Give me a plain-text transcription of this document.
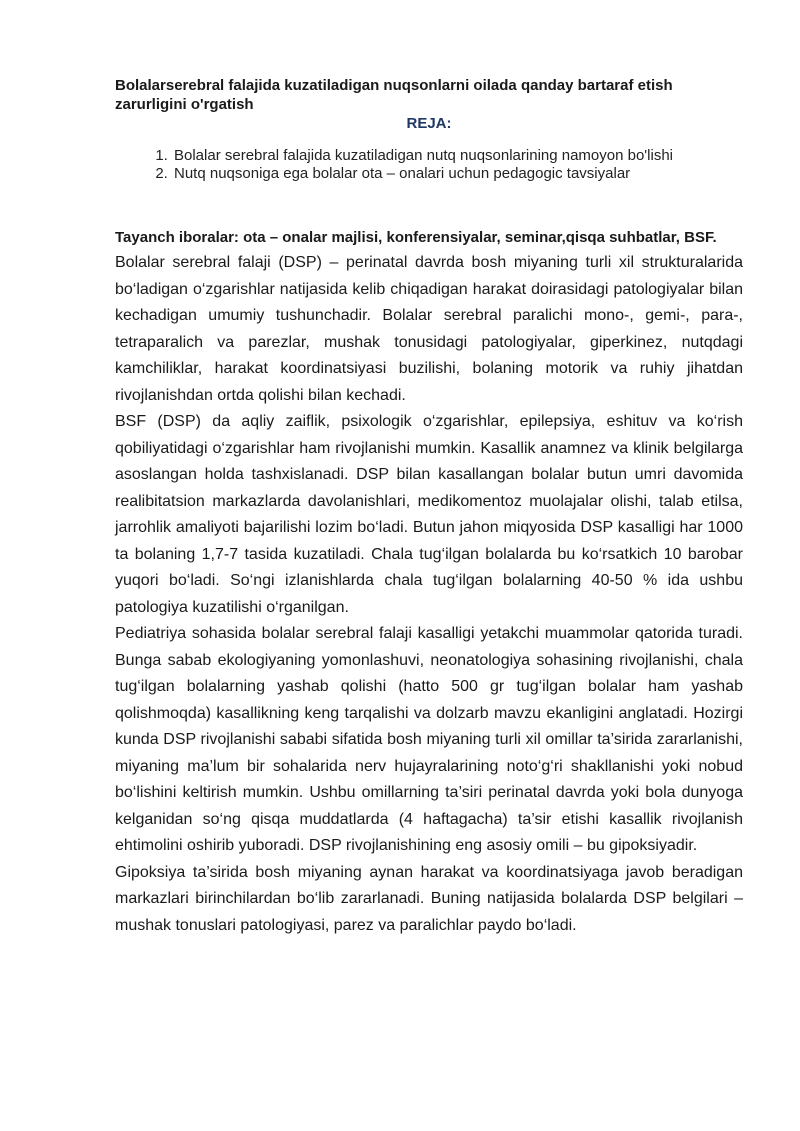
Bolalarserebral falajida kuzatiladigan nuqsonlarni oilada qanday bartaraf etish zarurligini o'rgatish
REJA:
1. Bolalar serebral falajida kuzatiladigan nutq nuqsonlarining namoyon bo'lishi
2. Nutq nuqsoniga ega bolalar ota – onalari uchun pedagogic tavsiyalar

Tayanch iboralar: ota – onalar majlisi, konferensiyalar, seminar,qisqa suhbatlar, BSF.

Bolalar serebral falaji (DSP) – perinatal davrda bosh miyaning turli xil strukturalarida bo‘ladigan o‘zgarishlar natijasida kelib chiqadigan harakat doirasidagi patologiyalar bilan kechadigan umumiy tushunchadir. Bolalar serebral paralichi mono-, gemi-, para-, tetraparalich va parezlar, mushak tonusidagi patologiyalar, giperkinez, nutqdagi kamchiliklar, harakat koordinatsiyasi buzilishi, bolaning motorik va ruhiy jihatdan rivojlanishdan ortda qolishi bilan kechadi.

BSF (DSP) da aqliy zaiflik, psixologik o‘zgarishlar, epilepsiya, eshituv va ko‘rish qobiliyatidagi o‘zgarishlar ham rivojlanishi mumkin. Kasallik anamnez va klinik belgilarga asoslangan holda tashxislanadi. DSP bilan kasallangan bolalar butun umri davomida realibitatsion markazlarda davolanishlari, medikomentoz muolajalar olishi, talab etilsa, jarrohlik amaliyoti bajarilishi lozim bo‘ladi. Butun jahon miqyosida DSP kasalligi har 1000 ta bolaning 1,7-7 tasida kuzatiladi. Chala tug‘ilgan bolalarda bu ko‘rsatkich 10 barobar yuqori bo‘ladi. So‘ngi izlanishlarda chala tug‘ilgan bolalarning 40-50 % ida ushbu patologiya kuzatilishi o‘rganilgan.

Pediatriya sohasida bolalar serebral falaji kasalligi yetakchi muammolar qatorida turadi. Bunga sabab ekologiyaning yomonlashuvi, neonatologiya sohasining rivojlanishi, chala tug‘ilgan bolalarning yashab qolishi (hatto 500 gr tug‘ilgan bolalar ham yashab qolishmoqda) kasallikning keng tarqalishi va dolzarb mavzu ekanligini anglatadi. Hozirgi kunda DSP rivojlanishi sababi sifatida bosh miyaning turli xil omillar ta’sirida zararlanishi, miyaning ma’lum bir sohalarida nerv hujayralarining noto‘g‘ri shakllanishi yoki nobud bo‘lishini keltirish mumkin. Ushbu omillarning ta’siri perinatal davrda yoki bola dunyoga kelganidan so‘ng qisqa muddatlarda (4 haftagacha) ta’sir etishi kasallik rivojlanish ehtimolini oshirib yuboradi. DSP rivojlanishining eng asosiy omili – bu gipoksiyadir.

Gipoksiya ta’sirida bosh miyaning aynan harakat va koordinatsiyaga javob beradigan markazlari birinchilardan bo‘lib zararlanadi. Buning natijasida bolalarda DSP belgilari – mushak tonuslari patologiyasi, parez va paralichlar paydo bo‘ladi.
